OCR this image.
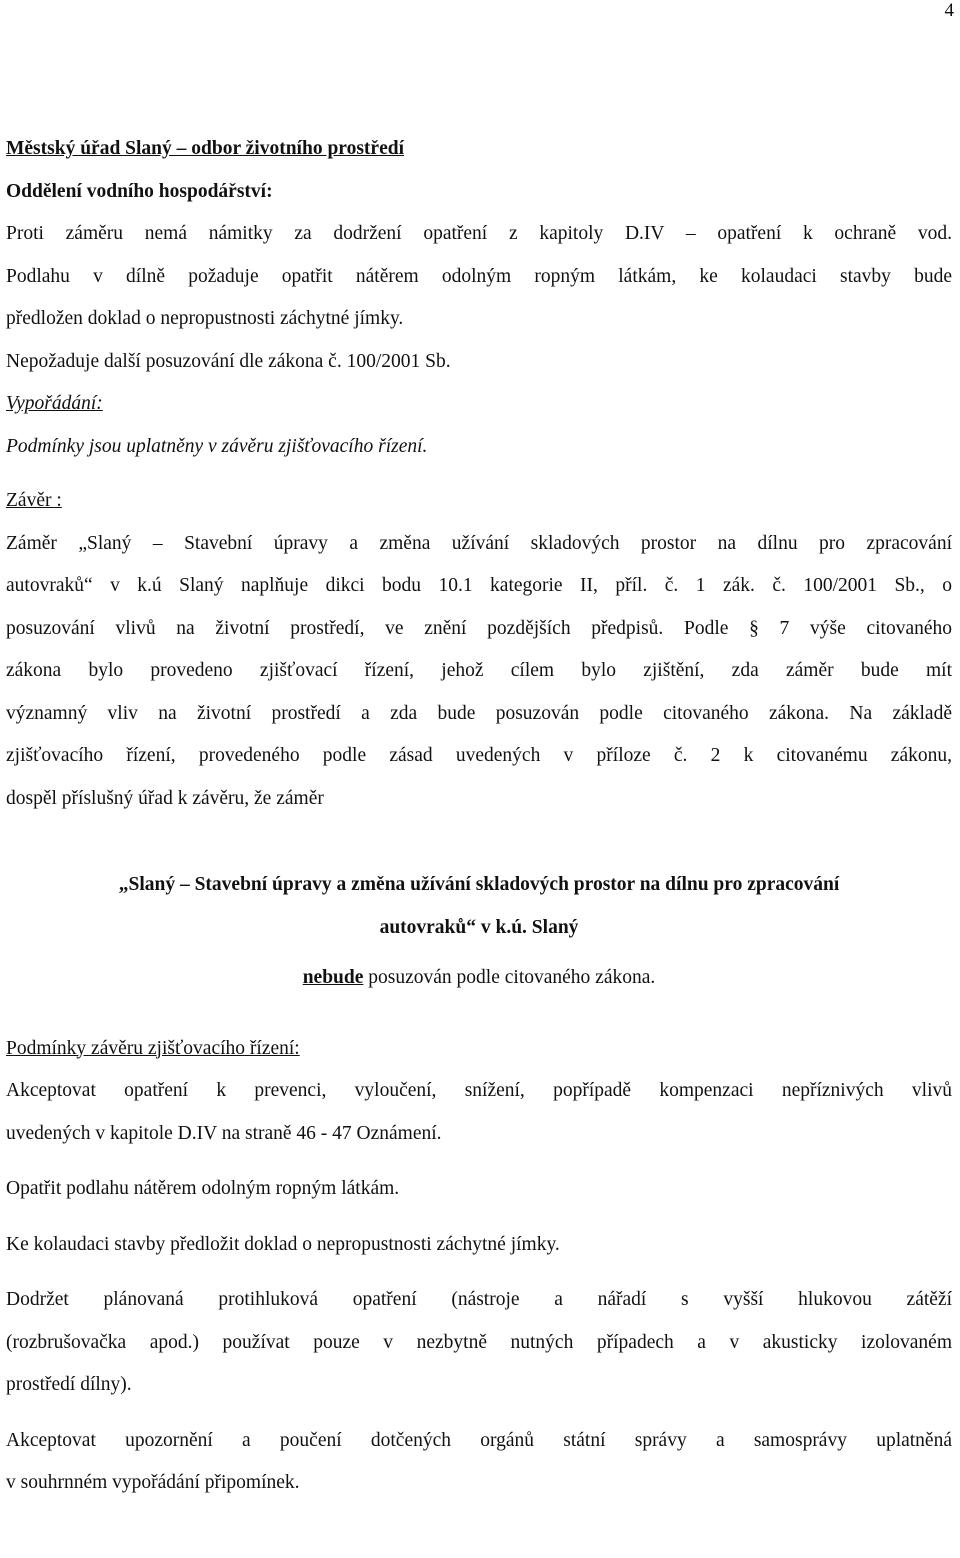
4
Městský úřad Slaný – odbor životního prostředí
Oddělení vodního hospodářství:
Proti záměru nemá námitky za dodržení opatření z kapitoly D.IV – opatření k ochraně vod.
Podlahu v dílně požaduje opatřit nátěrem odolným ropným látkám, ke kolaudaci stavby bude
předložen doklad o nepropustnosti záchytné jímky.
Nepožaduje další posuzování dle zákona č. 100/2001 Sb.
Vypořádání:
Podmínky jsou uplatněny v závěru zjišťovacího řízení.
Závěr :
Záměr „Slaný – Stavební úpravy a změna užívání skladových prostor na dílnu pro zpracování
autovraků“ v k.ú Slaný naplňuje dikci bodu 10.1 kategorie II, příl. č. 1 zák. č. 100/2001 Sb., o
posuzování vlivů na životní prostředí, ve znění pozdějších předpisů. Podle § 7 výše citovaného
zákona bylo provedeno zjišťovací řízení, jehož cílem bylo zjištění, zda záměr bude mít
významný vliv na životní prostředí a zda bude posuzován podle citovaného zákona. Na základě
zjišťovacího řízení, provedeného podle zásad uvedených v příloze č. 2 k citovanému zákonu,
dospěl příslušný úřad k závěru, že záměr
„Slaný – Stavební úpravy a změna užívání skladových prostor na dílnu pro zpracování
autovraků“ v k.ú. Slaný
nebude posuzován podle citovaného zákona.
Podmínky závěru zjišťovacího řízení:
Akceptovat opatření k prevenci, vyloučení, snížení, popřípadě kompenzaci nepříznivých vlivů
uvedených v kapitole D.IV na straně 46 - 47 Oznámení.
Opatřit podlahu nátěrem odolným ropným látkám.
Ke kolaudaci stavby předložit doklad o nepropustnosti záchytné jímky.
Dodržet plánovaná protihluková opatření (nástroje a nářadí s vyšší hlukovou zátěží
(rozbrušovačka apod.) používat pouze v nezbytně nutných případech a v akusticky izolovaném
prostředí dílny).
Akceptovat upozornění a poučení dotčených orgánů státní správy a samosprávy uplatněná
v souhrnném vypořádání připomínek.
